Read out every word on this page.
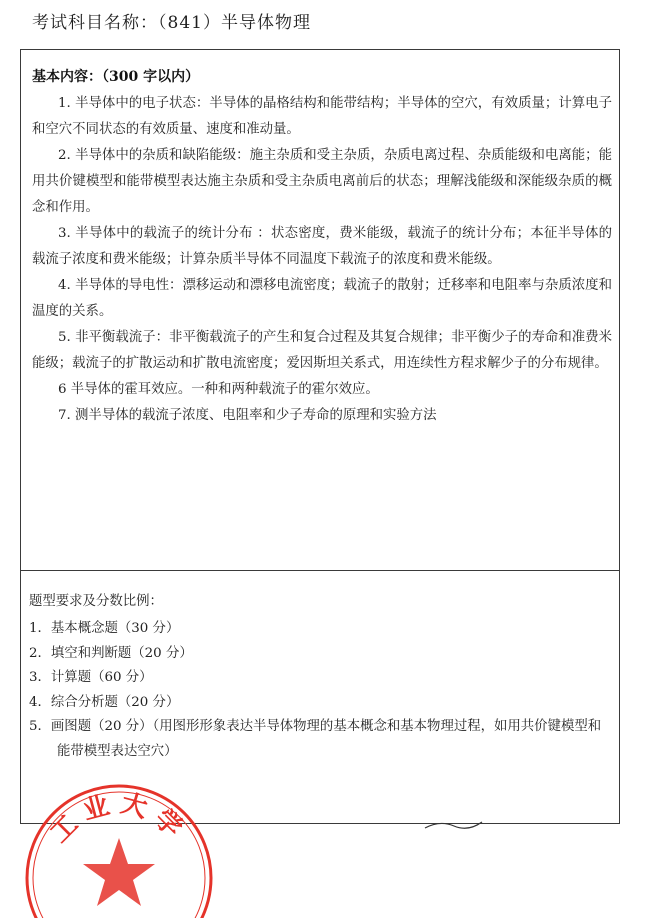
考试科目名称：（841）半导体物理
基本内容：（300 字以内）

1. 半导体中的电子状态：半导体的晶格结构和能带结构；半导体的空穴，有效质量；计算电子和空穴不同状态的有效质量、速度和准动量。

2. 半导体中的杂质和缺陷能级：施主杂质和受主杂质，杂质电离过程、杂质能级和电离能；能用共价键模型和能带模型表达施主杂质和受主杂质电离前后的状态；理解浅能级和深能级杂质的概念和作用。

3. 半导体中的载流子的统计分布 ：状态密度，费米能级，载流子的统计分布；本征半导体的载流子浓度和费米能级；计算杂质半导体不同温度下载流子的浓度和费米能级。

4. 半导体的导电性：漂移运动和漂移电流密度；载流子的散射；迁移率和电阻率与杂质浓度和温度的关系。

5. 非平衡载流子：非平衡载流子的产生和复合过程及其复合规律；非平衡少子的寿命和准费米能级；载流子的扩散运动和扩散电流密度；爱因斯坦关系式，用连续性方程求解少子的分布规律。

6 半导体的霍耳效应。一种和两种载流子的霍尔效应。

7. 测半导体的载流子浓度、电阻率和少子寿命的原理和实验方法

题型要求及分数比例：

1．基本概念题（30 分）

2．填空和判断题（20 分）

3．计算题（60 分）

4．综合分析题（20 分）

5．画图题（20 分）（用图形形象表达半导体物理的基本概念和基本物理过程，如用共价键模型和能带模型表达空穴）

工业大学
